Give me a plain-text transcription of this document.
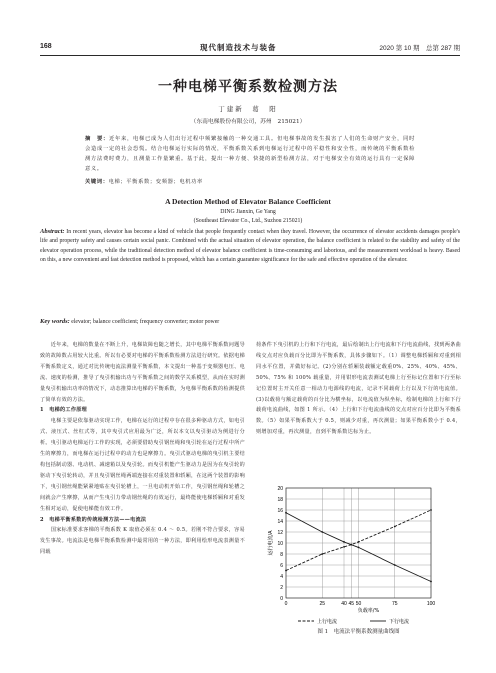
168	现代制造技术与装备	2020 第 10 期　总第 287 期
一种电梯平衡系数检测方法
丁建新　葛　阳
（东南电梯股份有限公司，苏州　215021）
摘　要：近年来，电梯已成为人们出行过程中频繁接触的一种交通工具。但电梯事故的发生损害了人们的生命财产安全，同时会造成一定的社会恐慌。结合电梯运行实际的情况，平衡系数关系到电梯运行过程中的平稳性和安全性，而传统的平衡系数检测方法费时费力，且测量工作量繁重。基于此，提出一种方便、快捷的新型检测方法，对于电梯安全有效的运行具有一定保障意义。
关键词：电梯；平衡系数；变频器；电机功率
A Detection Method of Elevator Balance Coefficient
DING Jianxin, Ge Yang
(Southeast Elevator Co., Ltd., Suzhou 215021)
Abstract: In recent years, elevator has become a kind of vehicle that people frequently contact when they travel. However, the occurrence of elevator accidents damages people's life and property safety and causes certain social panic. Combined with the actual situation of elevator operation, the balance coefficient is related to the stability and safety of the elevator operation process, while the traditional detection method of elevator balance coefficient is time-consuming and laborious, and the measurement workload is heavy. Based on this, a new convenient and fast detection method is proposed, which has a certain guarantee significance for the safe and effective operation of the elevator.
Key words: elevator; balance coefficient; frequency converter; motor power

　　近年来，电梯的数量在不断上升，电梯故障也随之增长，其中电梯平衡系数问题导致的故障数占用较大比重。所以有必要对电梯的平衡系数检测方法进行研究。依据电梯平衡系数定义，通过对比传统电流法测量平衡系数，本文提出一种基于变频器电压、电流、速度的检测，推导了曳引机输出功与平衡系数之间的数学关系模型，从而在实时测量曳引机输出功率的情况下，动态推算出电梯的平衡系数，为电梯平衡系数的检测提供了简单有效的方法。

1　电梯的工作原理

　　电梯主要是依靠驱动实现工作，电梯在运行的过程中存在很多种驱动方式，如电引式、液压式、丝杠式等，其中曳引式应用最为广泛，所以本文以曳引驱动为例进行分析。曳引驱动电梯运行工作的实现，必须要借助曳引钢丝绳和曳引轮在运行过程中所产生的摩擦力，而电梯在运行过程中的动力也是摩擦力。曳引式驱动电梯的曳引机主要结构包括制动器、电动机、减速箱以及曳引轮。而曳引机能产生驱动力是因为在曳引轮的驱动下曳引轮转动，并且曳引钢丝绳两端连接在对重装置和轿厢，在这两个装置的影响下，曳引钢丝绳能紧紧地贴在曳引轮槽上，一旦电动机开始工作，曳引钢丝绳和轮槽之间就会产生摩擦，从而产生曳引力带动钢丝绳的有效运行，最终能使电梯轿厢和对重发生相对运动，促使电梯能有效工作。

2　电梯平衡系数的传统检测方法——电流法

　　国家标准要求客梯的平衡系数 K 取值必须在 0.4 ～ 0.5。若刚不符合要求，容易发生事故。电流法是电梯平衡系数检测中最常用的一种方法，即利用绘形电流表测量不同载

荷条件下曳引机的上行和下行电流，最后绘制出上行电流和下行电流曲线，找到两条曲线交点对应负载百分比即为平衡系数，具体步骤如下。（1）调整电梯轿厢和对重到相同水平位置，并做好标记。(2)分别在轿厢装载额定载重0%、25%、40%、45%、50%、75% 和 100% 载重量，并用钳形电流表测试电梯上行至标记位置和下行至标记位置时主开关任意一相动力电源线的电流，记录不同载荷上行以及下行的电流值。(3)以载荷与额定载荷的百分比为横坐标，以电流值为纵坐标，绘制电梯的上行和下行载荷电流曲线，如图 1 所示。（4）上行和下行电流曲线的交点对应百分比即为平衡系数。（5）如果平衡系数大于 0.5，则减少对重，再次测量；如果平衡系数小于 0.4，则增加对重，再次测量，直到平衡系数达标为止。

0
2
4
6
8
10
12
14
16
18
20
0	25	40 45 50	75	100
负载率/%
运行电流/A
上行电流	下行电流
图 1　电流法平衡系数测量曲线图
